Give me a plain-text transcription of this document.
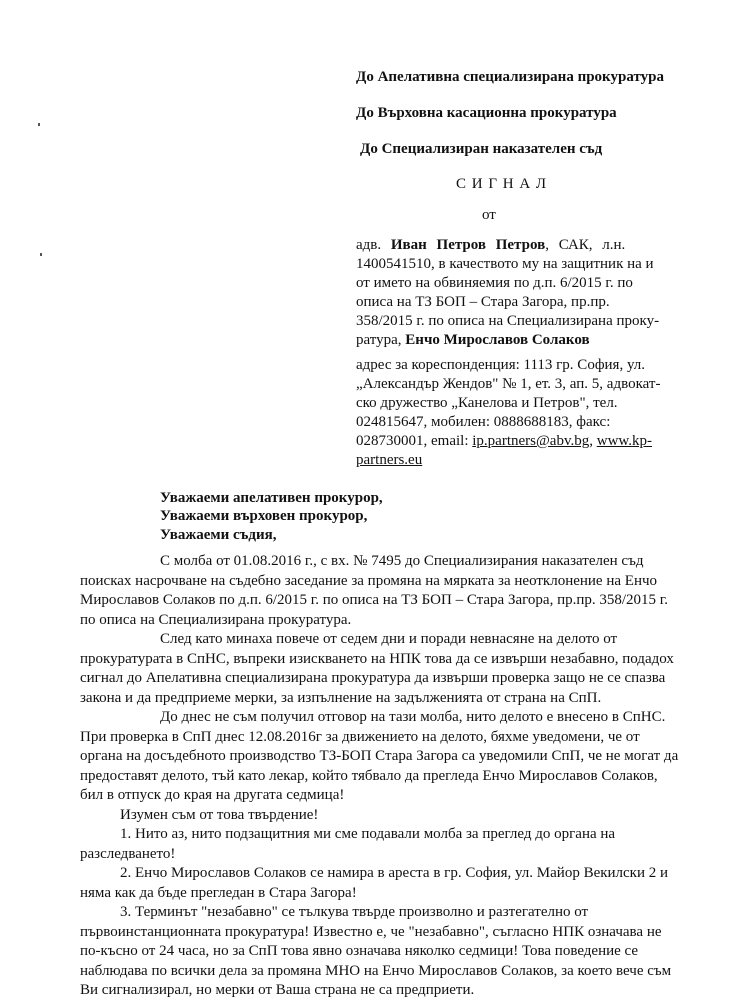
До Апелативна специализирана прокуратура
До Върховна касационна прокуратура
До Специализиран наказателен съд
С И Г Н А Л
от
адв. Иван Петров Петров, САК, л.н.
1400541510, в качеството му на защитник на и
от името на обвиняемия по д.п. 6/2015 г. по
описа на ТЗ БОП – Стара Загора, пр.пр.
358/2015 г. по описа на Специализирана проку-
ратура, Енчо Мирославов Солаков
адрес за кореспонденция: 1113 гр. София, ул.
„Александър Жендов" № 1, ет. 3, ап. 5, адвокат-
ско дружество „Канелова и Петров", тел.
024815647, мобилен: 0888688183, факс:
028730001, email: ip.partners@abv.bg, www.kp-
partners.eu
Уважаеми апелативен прокурор,
Уважаеми върховен прокурор,
Уважаеми съдия,
С молба от 01.08.2016 г., с вх. № 7495 до Специализирания наказателен съд
поисках насрочване на съдебно заседание за промяна на мярката за неотклонение на Енчо
Мирославов Солаков по д.п. 6/2015 г. по описа на ТЗ БОП – Стара Загора, пр.пр. 358/2015 г.
по описа на Специализирана прокуратура.
След като минаха повече от седем дни и поради невнасяне на делото от
прокуратурата в СпНС, въпреки изискването на НПК това да се извърши незабавно, подадох
сигнал до Апелативна специализирана прокуратура да извърши проверка защо не се спазва
закона и да предприеме мерки, за изпълнение на задълженията от страна на СпП.
До днес не съм получил отговор на тази молба, нито делото е внесено в СпНС.
При проверка в СпП днес 12.08.2016г за движението на делото, бяхме уведомени, че от
органа на досъдебното производство ТЗ-БОП Стара Загора са уведомили СпП, че не могат да
предоставят делото, тъй като лекар, който тябвало да прегледа Енчо Мирославов Солаков,
бил в отпуск до края на другата седмица!
Изумен съм от това твърдение!
1. Нито аз, нито подзащитния ми сме подавали молба за преглед до органа на
разследването!
2. Енчо Мирославов Солаков се намира в ареста в гр. София, ул. Майор Векилски 2 и
няма как да бъде прегледан в Стара Загора!
3. Терминът "незабавно" се тълкува твърде произволно и разтегателно от
първоинстанционната прокуратура! Известно е, че "незабавно", съгласно НПК означава не
по-късно от 24 часа, но за СпП това явно означава няколко седмици! Това поведение се
наблюдава по всички дела за промяна МНО на Енчо Мирославов Солаков, за което вече съм
Ви сигнализирал, но мерки от Ваша страна не са предприети.
